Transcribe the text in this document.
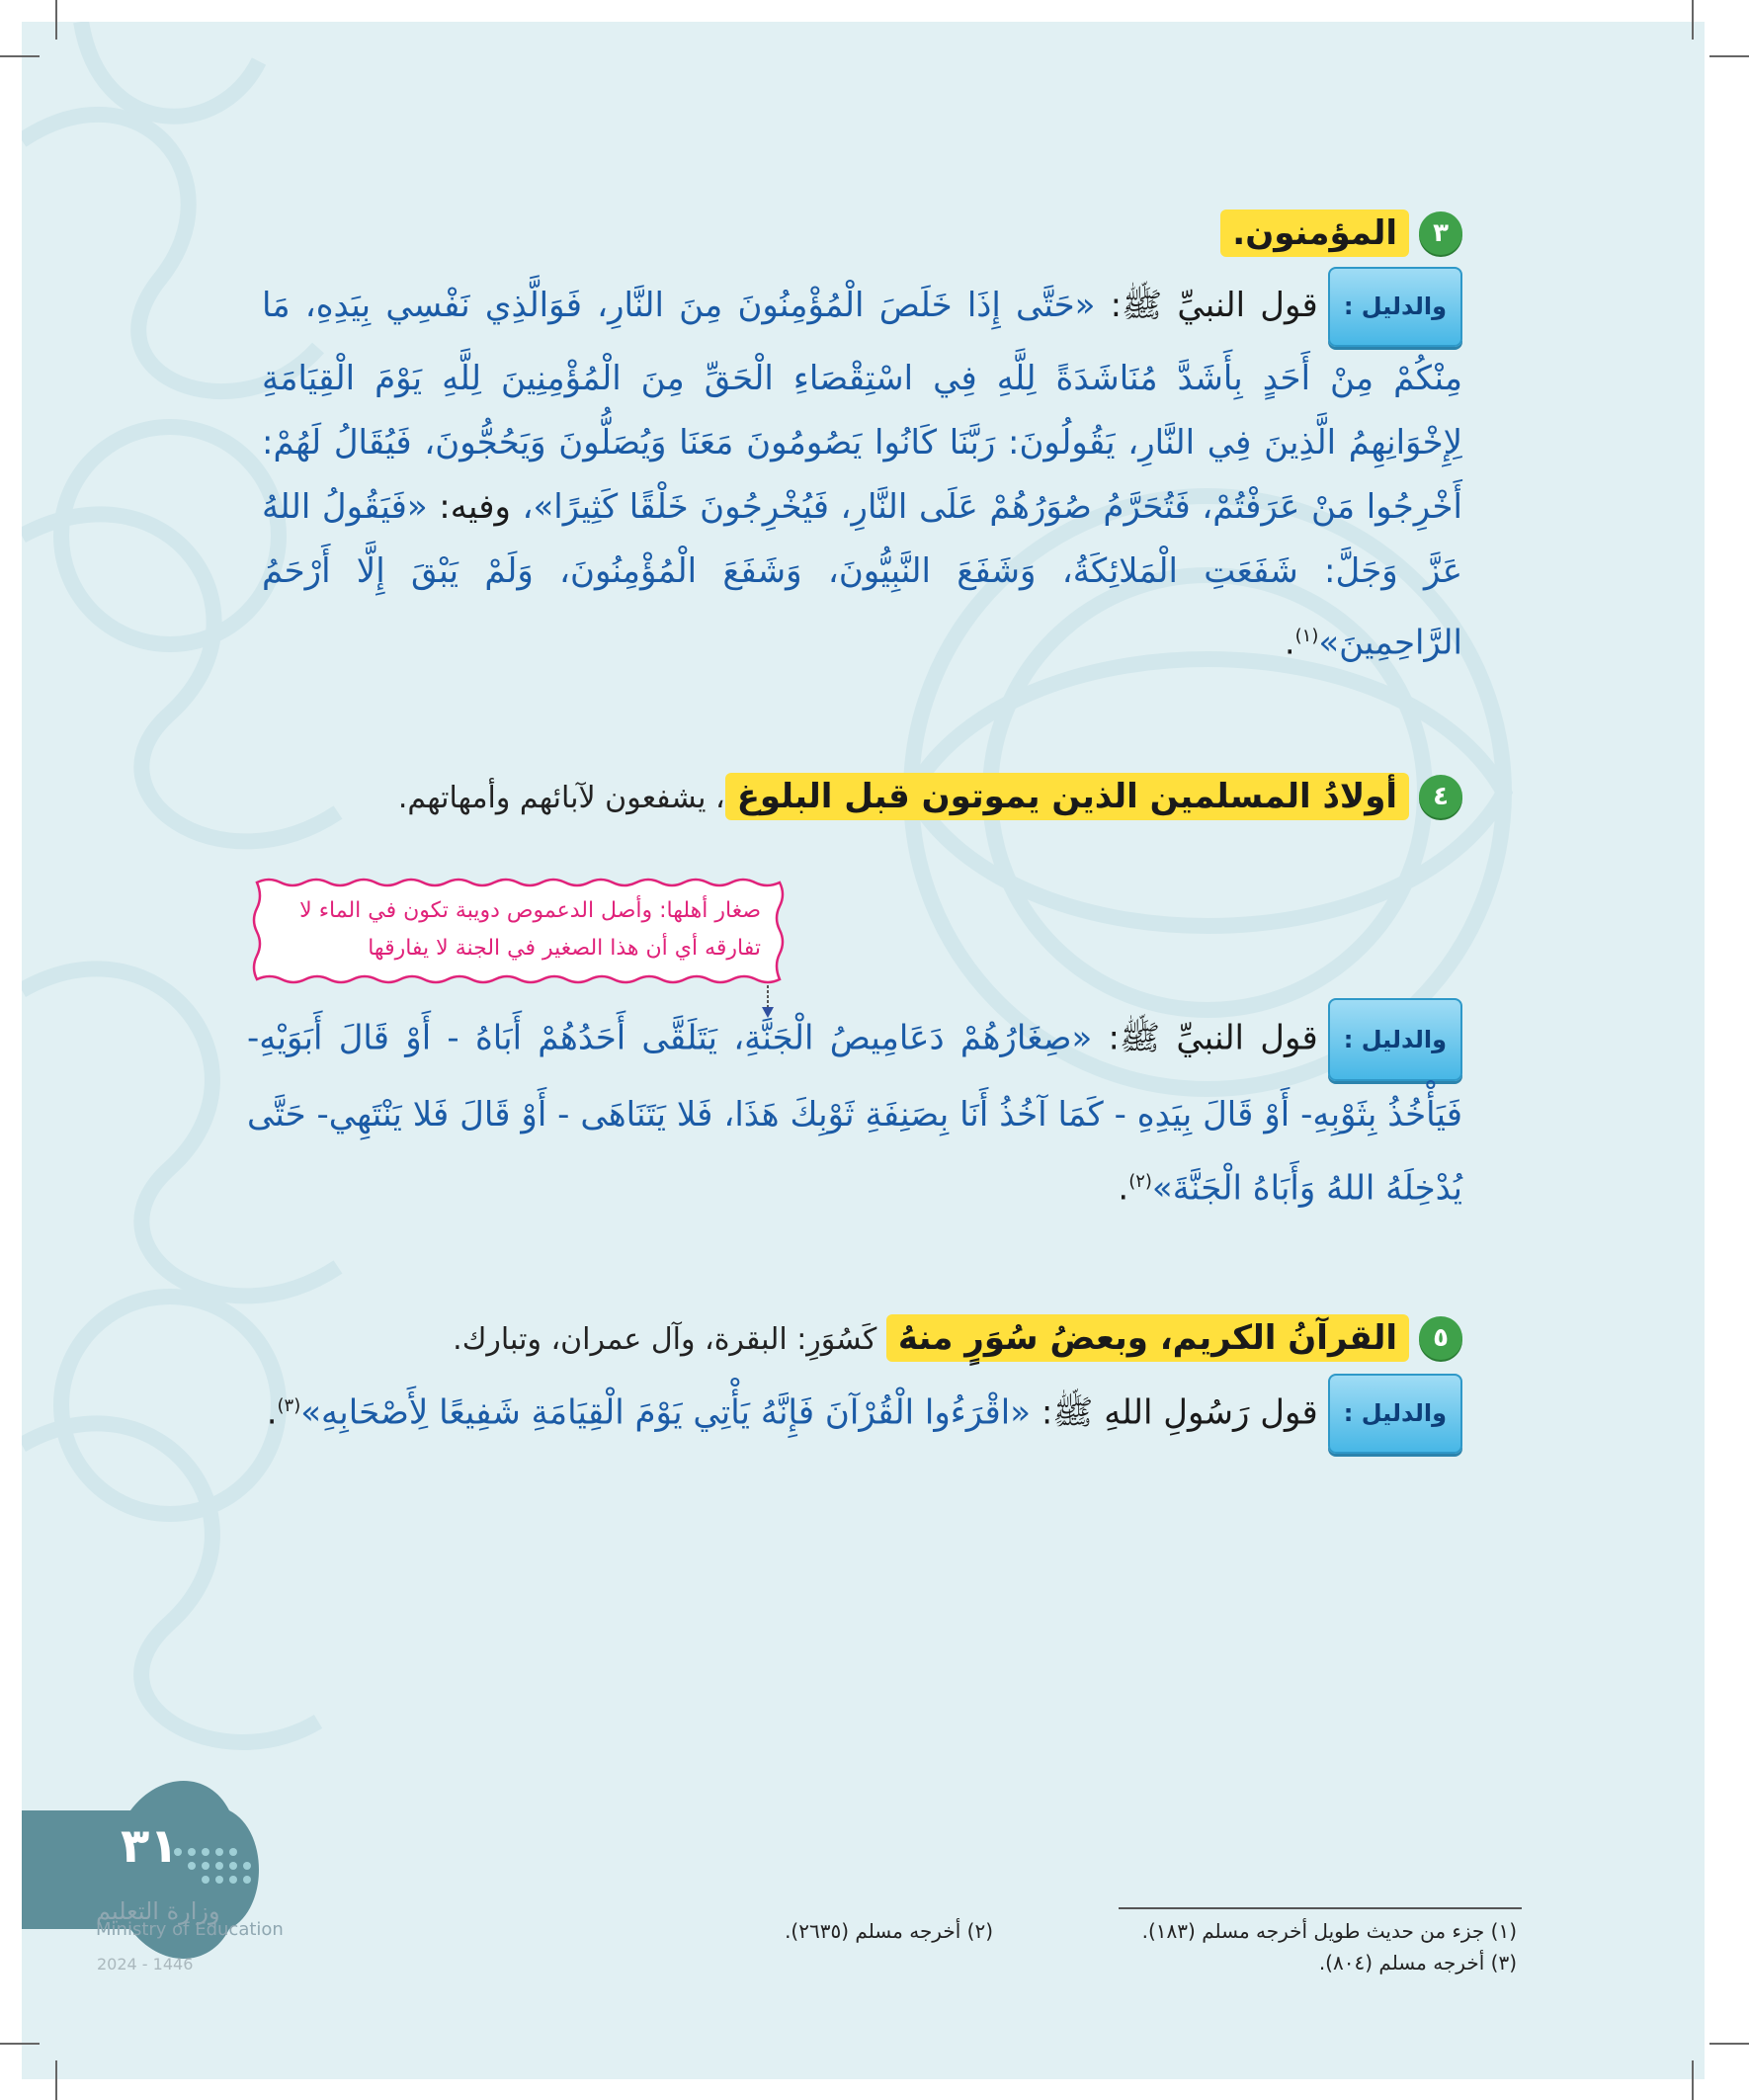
٣
المؤمنون.
والدليل :قول النبيِّ ﷺ: «حَتَّى إِذَا خَلَصَ الْمُؤْمِنُونَ مِنَ النَّارِ، فَوَالَّذِي نَفْسِي بِيَدِهِ، مَا مِنْكُمْ مِنْ أَحَدٍ بِأَشَدَّ مُنَاشَدَةً لِلَّهِ فِي اسْتِقْصَاءِ الْحَقِّ مِنَ الْمُؤْمِنِينَ لِلَّهِ يَوْمَ الْقِيَامَةِ لِإِخْوَانِهِمُ الَّذِينَ فِي النَّارِ، يَقُولُونَ: رَبَّنَا كَانُوا يَصُومُونَ مَعَنَا وَيُصَلُّونَ وَيَحُجُّونَ، فَيُقَالُ لَهُمْ: أَخْرِجُوا مَنْ عَرَفْتُمْ، فَتُحَرَّمُ صُوَرُهُمْ عَلَى النَّارِ، فَيُخْرِجُونَ خَلْقًا كَثِيرًا»، وفيه: «فَيَقُولُ اللهُ عَزَّ وَجَلَّ: شَفَعَتِ الْمَلائِكَةُ، وَشَفَعَ النَّبِيُّونَ، وَشَفَعَ الْمُؤْمِنُونَ، وَلَمْ يَبْقَ إِلَّا أَرْحَمُ الرَّاحِمِينَ»$^{(١)}$.
٤
أولادُ المسلمين الذين يموتون قبل البلوغ، يشفعون لآبائهم وأمهاتهم.
صغار أهلها: وأصل الدعموص دويبة تكون في الماء لا تفارقه أي أن هذا الصغير في الجنة لا يفارقها
والدليل :قول النبيِّ ﷺ: «صِغَارُهُمْ دَعَامِيصُ الْجَنَّةِ، يَتَلَقَّى أَحَدُهُمْ أَبَاهُ - أَوْ قَالَ أَبَوَيْهِ- فَيَأْخُذُ بِثَوْبِهِ- أَوْ قَالَ بِيَدِهِ - كَمَا آخُذُ أَنَا بِصَنِفَةِ ثَوْبِكَ هَذَا، فَلا يَتَنَاهَى - أَوْ قَالَ فَلا يَنْتَهِي- حَتَّى يُدْخِلَهُ اللهُ وَأَبَاهُ الْجَنَّةَ»$^{(٢)}$.
٥
القرآنُ الكريم، وبعضُ سُوَرٍ منهُ كَسُوَرِ: البقرة، وآل عمران، وتبارك.
والدليل :قول رَسُولِ اللهِ ﷺ: «اقْرَءُوا الْقُرْآنَ فَإِنَّهُ يَأْتِي يَوْمَ الْقِيَامَةِ شَفِيعًا لِأَصْحَابِهِ»$^{(٣)}$.
٣١
وزارة التعليم
Ministry of Education
2024 - 1446
(١) جزء من حديث طويل أخرجه مسلم (١٨٣).
(٢) أخرجه مسلم (٢٦٣٥).
(٣) أخرجه مسلم (٨٠٤).
